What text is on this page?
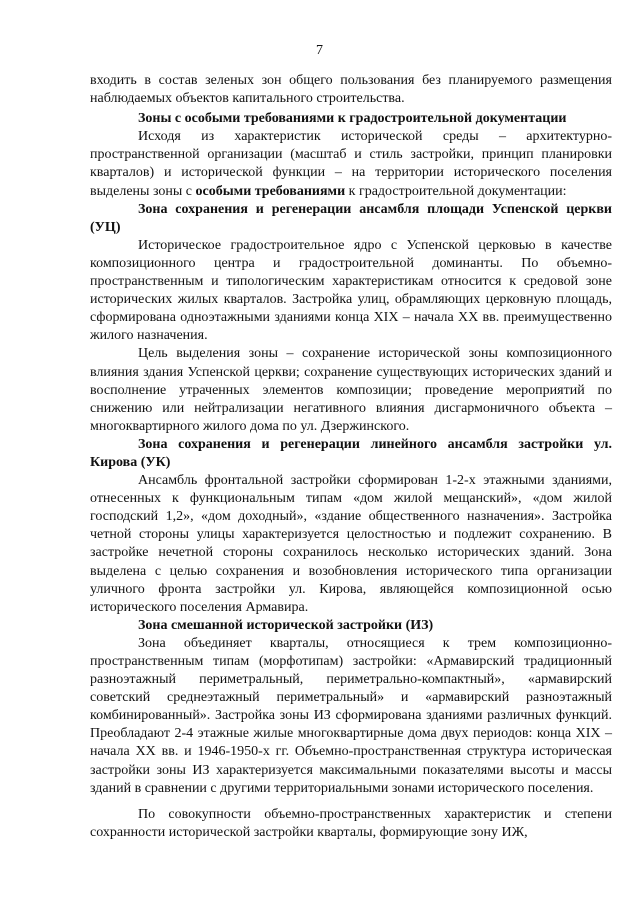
7

входить в состав зеленых зон общего пользования без планируемого размещения наблюдаемых объектов капитального строительства.

Зоны с особыми требованиями к градостроительной документации

Исходя из характеристик исторической среды – архитектурно-пространственной организации (масштаб и стиль застройки, принцип планировки кварталов) и исторической функции – на территории исторического поселения выделены зоны с особыми требованиями к градостроительной документации:

Зона сохранения и регенерации ансамбля площади Успенской церкви (УЦ)

Историческое градостроительное ядро с Успенской церковью в качестве композиционного центра и градостроительной доминанты. По объемно-пространственным и типологическим характеристикам относится к средовой зоне исторических жилых кварталов. Застройка улиц, обрамляющих церковную площадь, сформирована одноэтажными зданиями конца XIX – начала XX вв. преимущественно жилого назначения.

Цель выделения зоны – сохранение исторической зоны композиционного влияния здания Успенской церкви; сохранение существующих исторических зданий и восполнение утраченных элементов композиции; проведение мероприятий по снижению или нейтрализации негативного влияния дисгармоничного объекта – многоквартирного жилого дома по ул. Дзержинского.

Зона сохранения и регенерации линейного ансамбля застройки ул. Кирова (УК)

Ансамбль фронтальной застройки сформирован 1-2-х этажными зданиями, отнесенных к функциональным типам «дом жилой мещанский», «дом жилой господский 1,2», «дом доходный», «здание общественного назначения». Застройка четной стороны улицы характеризуется целостностью и подлежит сохранению. В застройке нечетной стороны сохранилось несколько исторических зданий. Зона выделена с целью сохранения и возобновления исторического типа организации уличного фронта застройки ул. Кирова, являющейся композиционной осью исторического поселения Армавира.

Зона смешанной исторической застройки (ИЗ)

Зона объединяет кварталы, относящиеся к трем композиционно-пространственным типам (морфотипам) застройки: «Армавирский традиционный разноэтажный периметральный, периметрально-компактный», «армавирский советский среднеэтажный периметральный» и «армавирский разноэтажный комбинированный». Застройка зоны ИЗ сформирована зданиями различных функций. Преобладают 2-4 этажные жилые многоквартирные дома двух периодов: конца XIX – начала XX вв. и 1946-1950-х гг. Объемно-пространственная структура историческая застройки зоны ИЗ характеризуется максимальными показателями высоты и массы зданий в сравнении с другими территориальными зонами исторического поселения.

По совокупности объемно-пространственных характеристик и степени сохранности исторической застройки кварталы, формирующие зону ИЖ,
